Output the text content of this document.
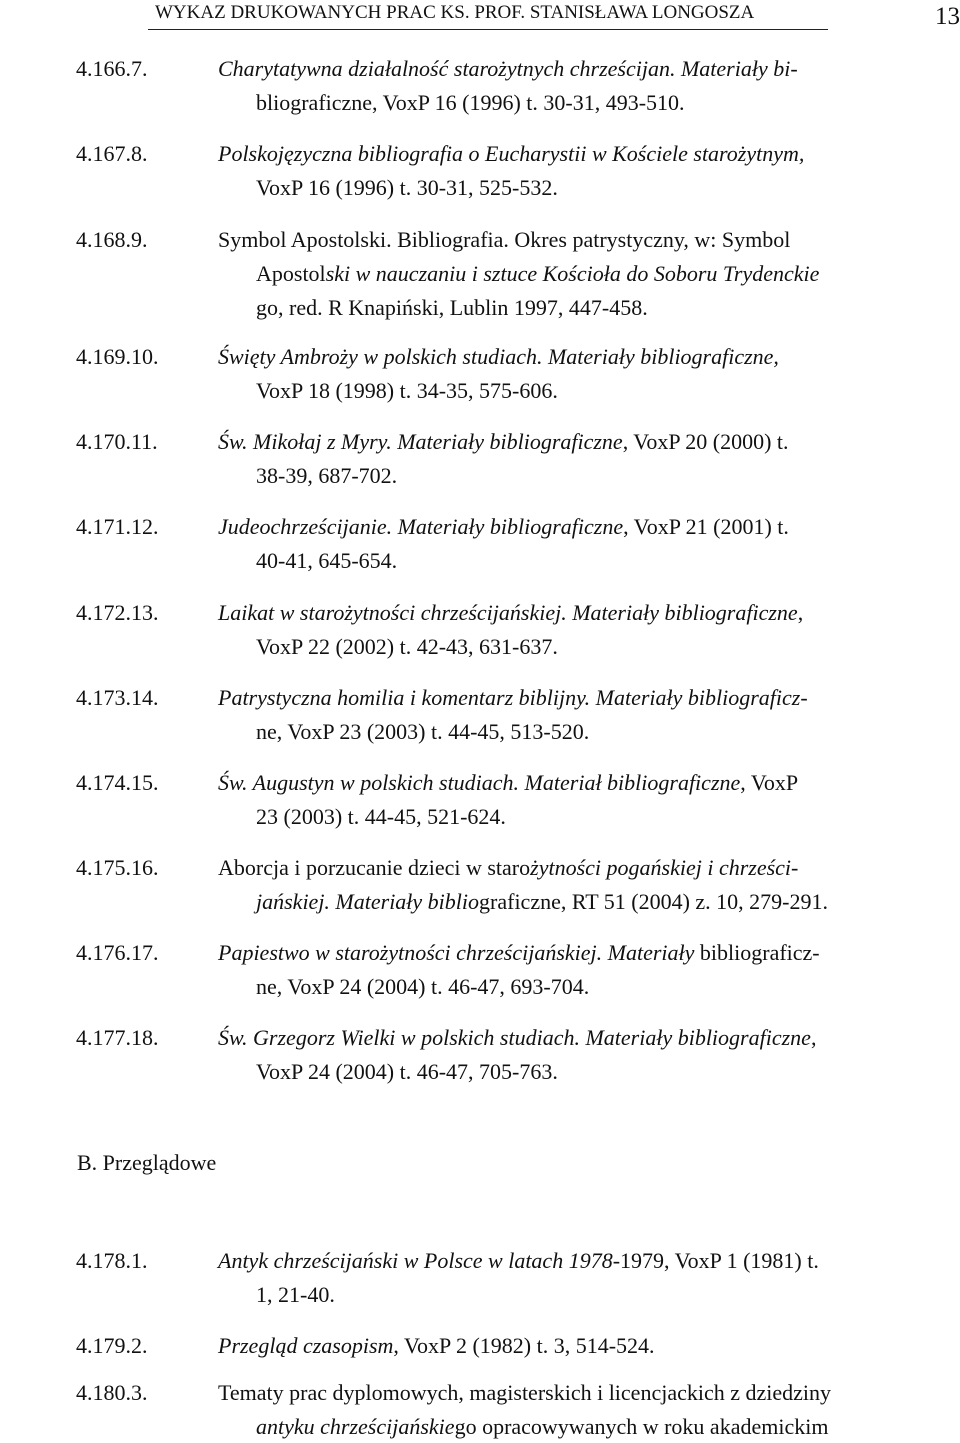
WYKAZ DRUKOWANYCH PRAC KS. PROF. STANISŁAWA LONGOSZA	13
4.166.7.	Charytatywna działalność starożytnych chrześcijan. Materiały bi-
bliograficzne, VoxP 16 (1996) t. 30-31, 493-510.
4.167.8.	Polskojęzyczna bibliografia o Eucharystii w Kościele starożytnym,
VoxP 16 (1996) t. 30-31, 525-532.
4.168.9.	Symbol Apostolski. Bibliografia. Okres patrystyczny, w: Symbol
Apostolski w nauczaniu i sztuce Kościoła do Soboru Trydenckie
go, red. R Knapiński, Lublin 1997, 447-458.
4.169.10.	Święty Ambroży w polskich studiach. Materiały bibliograficzne,
VoxP 18 (1998) t. 34-35, 575-606.
4.170.11.	Św. Mikołaj z Myry. Materiały bibliograficzne, VoxP 20 (2000) t.
38-39, 687-702.
4.171.12.	Judeochrześcijanie. Materiały bibliograficzne, VoxP 21 (2001) t.
40-41, 645-654.
4.172.13.	Laikat w starożytności chrześcijańskiej. Materiały bibliograficzne,
VoxP 22 (2002) t. 42-43, 631-637.
4.173.14.	Patrystyczna homilia i komentarz biblijny. Materiały bibliograficz-
ne, VoxP 23 (2003) t. 44-45, 513-520.
4.174.15.	Św. Augustyn w polskich studiach. Materiał bibliograficzne, VoxP
23 (2003) t. 44-45, 521-624.
4.175.16.	Aborcja i porzucanie dzieci w starożytności pogańskiej i chrześci-
jańskiej. Materiały bibliograficzne, RT 51 (2004) z. 10, 279-291.
4.176.17.	Papiestwo w starożytności chrześcijańskiej. Materiały bibliograficz-
ne, VoxP 24 (2004) t. 46-47, 693-704.
4.177.18.	Św. Grzegorz Wielki w polskich studiach. Materiały bibliograficzne,
VoxP 24 (2004) t. 46-47, 705-763.
4.178.1.	Antyk chrześcijański w Polsce w latach 1978-1979, VoxP 1 (1981) t.
1, 21-40.
4.179.2.	Przegląd czasopism, VoxP 2 (1982) t. 3, 514-524.
4.180.3.	Tematy prac dyplomowych, magisterskich i licencjackich z dziedziny
antyku chrześcijańskiego opracowywanych w roku akademickim
B. Przeglądowe
